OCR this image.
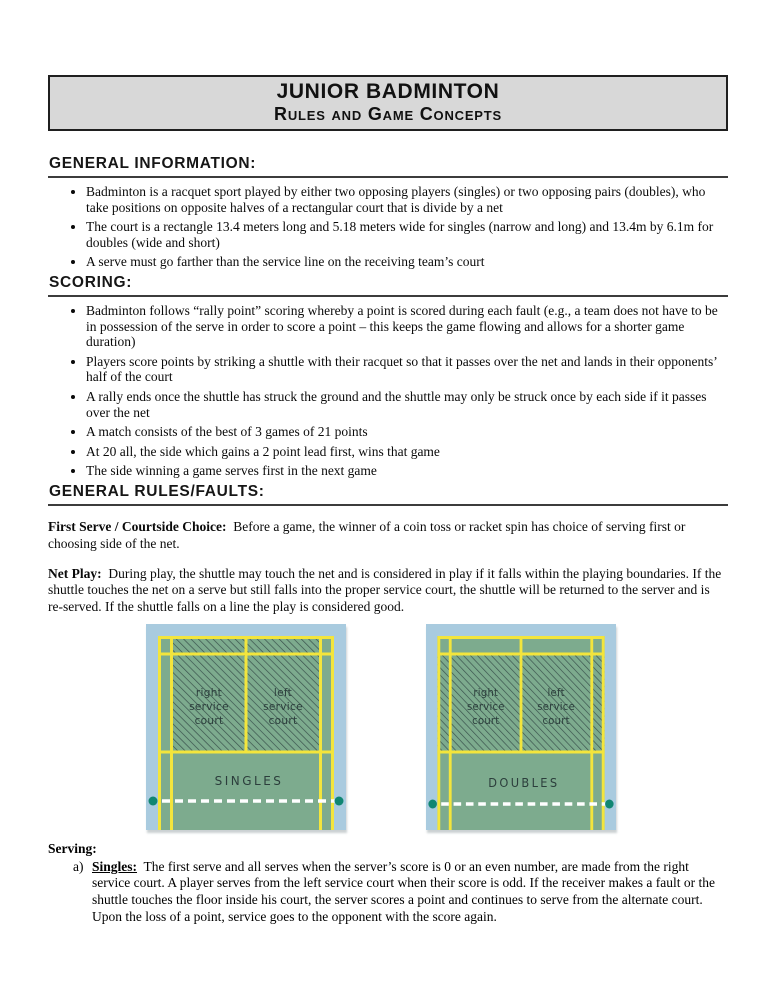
JUNIOR BADMINTON
Rules and Game Concepts
GENERAL INFORMATION:
• Badminton is a racquet sport played by either two opposing players (singles) or two opposing pairs (doubles), who take positions on opposite halves of a rectangular court that is divide by a net
• The court is a rectangle 13.4 meters long and 5.18 meters wide for singles (narrow and long) and 13.4m by 6.1m for doubles (wide and short)
• A serve must go farther than the service line on the receiving team’s court
SCORING:
• Badminton follows “rally point” scoring whereby a point is scored during each fault (e.g., a team does not have to be in possession of the serve in order to score a point – this keeps the game flowing and allows for a shorter game duration)
• Players score points by striking a shuttle with their racquet so that it passes over the net and lands in their opponents’ half of the court
• A rally ends once the shuttle has struck the ground and the shuttle may only be struck once by each side if it passes over the net
• A match consists of the best of 3 games of 21 points
• At 20 all, the side which gains a 2 point lead first, wins that game
• The side winning a game serves first in the next game
GENERAL RULES/FAULTS:

First Serve / Courtside Choice: Before a game, the winner of a coin toss or racket spin has choice of serving first or choosing side of the net.

Net Play: During play, the shuttle may touch the net and is considered in play if it falls within the playing boundaries. If the shuttle touches the net on a serve but still falls into the proper service court, the shuttle will be returned to the server and is re-served. If the shuttle falls on a line the play is considered good.

right
service
court
left
service
court
SINGLES
right
service
court
left
service
court
DOUBLES
Serving:
a) Singles: The first serve and all serves when the server’s score is 0 or an even number, are made from the right service court. A player serves from the left service court when their score is odd. If the receiver makes a fault or the shuttle touches the floor inside his court, the server scores a point and continues to serve from the alternate court. Upon the loss of a point, service goes to the opponent with the score again.
